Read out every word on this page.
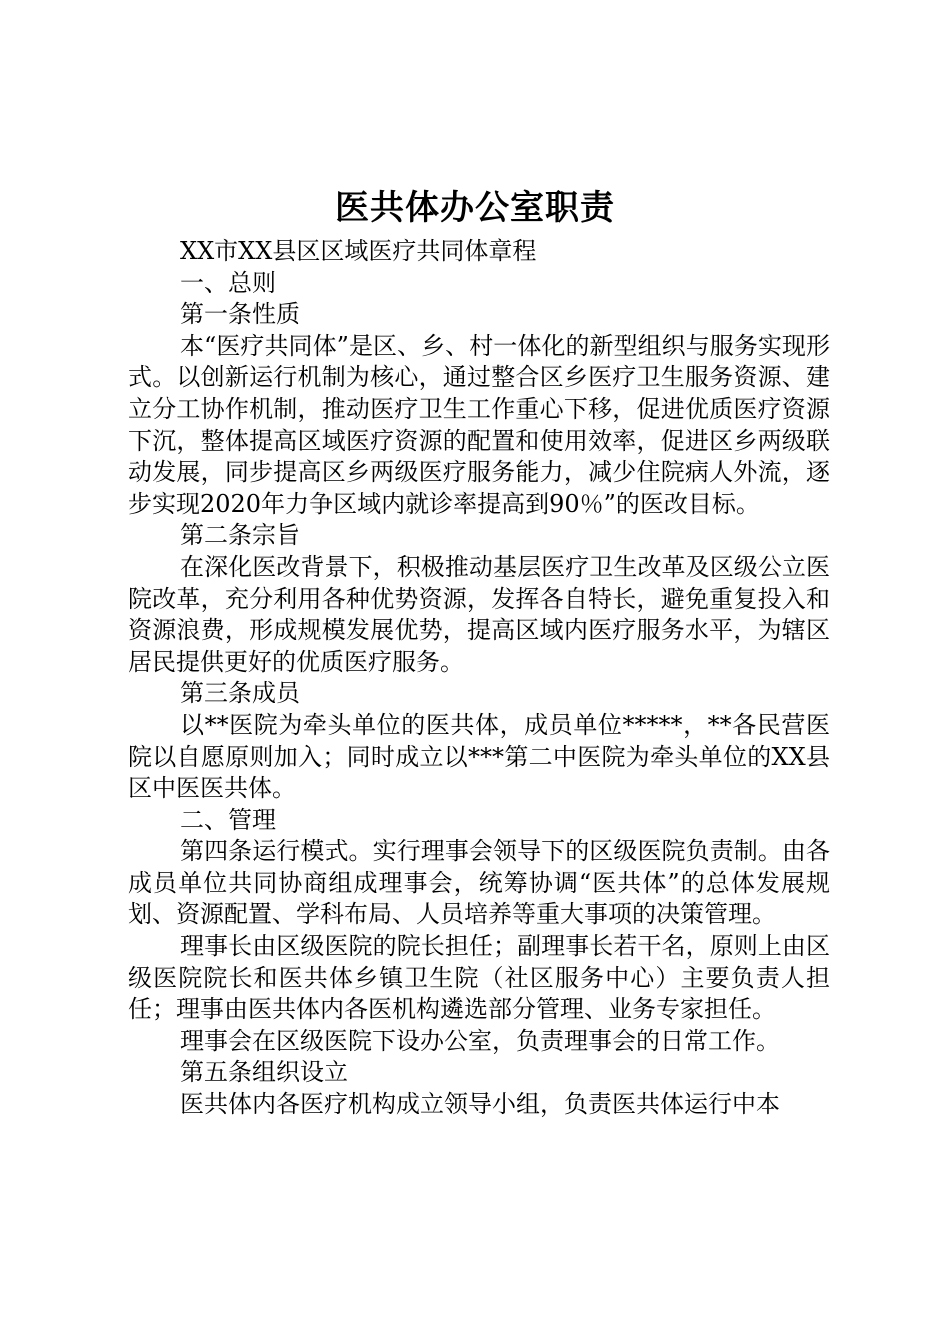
医共体办公室职责

XX市XX县区区域医疗共同体章程

一、总则

第一条性质

本“医疗共同体”是区、乡、村一体化的新型组织与服务实现形式。以创新运行机制为核心，通过整合区乡医疗卫生服务资源、建立分工协作机制，推动医疗卫生工作重心下移，促进优质医疗资源下沉，整体提高区域医疗资源的配置和使用效率，促进区乡两级联动发展，同步提高区乡两级医疗服务能力，减少住院病人外流，逐步实现2020年力争区域内就诊率提高到90％”的医改目标。

第二条宗旨

在深化医改背景下，积极推动基层医疗卫生改革及区级公立医院改革，充分利用各种优势资源，发挥各自特长，避免重复投入和资源浪费，形成规模发展优势，提高区域内医疗服务水平，为辖区居民提供更好的优质医疗服务。

第三条成员

以**医院为牵头单位的医共体，成员单位*****，**各民营医院以自愿原则加入；同时成立以***第二中医院为牵头单位的XX县区中医医共体。

二、管理

第四条运行模式。实行理事会领导下的区级医院负责制。由各成员单位共同协商组成理事会，统筹协调“医共体”的总体发展规划、资源配置、学科布局、人员培养等重大事项的决策管理。

理事长由区级医院的院长担任；副理事长若干名，原则上由区级医院院长和医共体乡镇卫生院（社区服务中心）主要负责人担任；理事由医共体内各医机构遴选部分管理、业务专家担任。

理事会在区级医院下设办公室，负责理事会的日常工作。

第五条组织设立

医共体内各医疗机构成立领导小组，负责医共体运行中本
